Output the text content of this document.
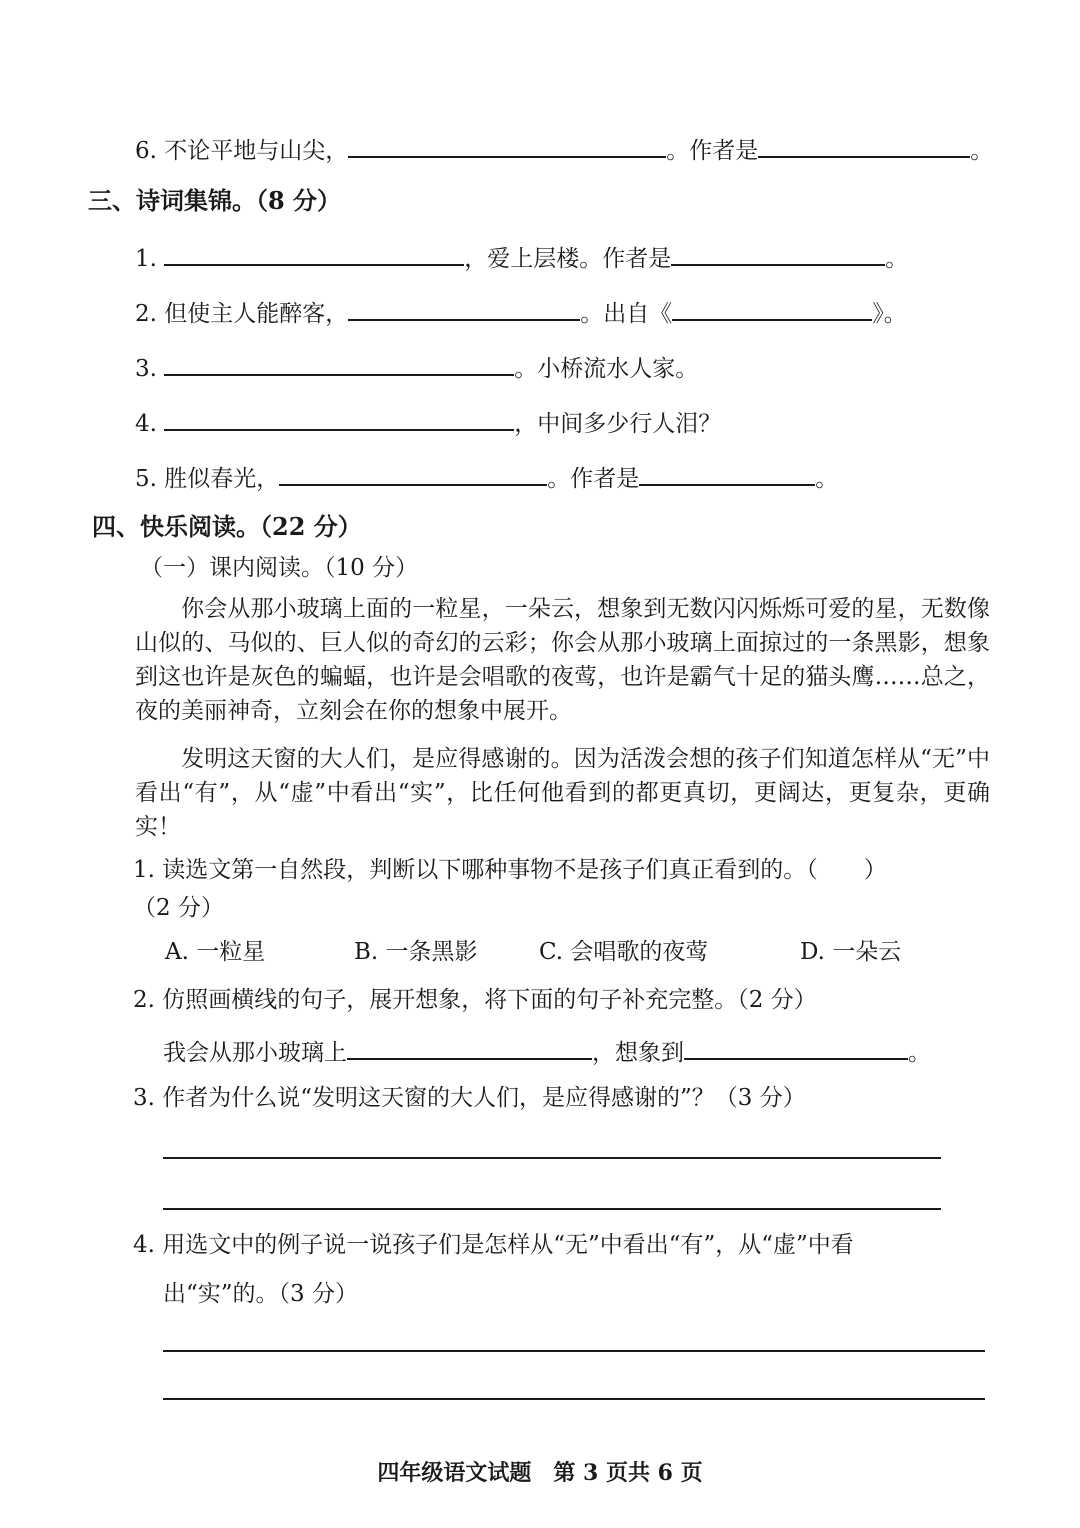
6. 不论平地与山尖，	。作者是	。
三、诗词集锦。（8 分）
1.	，爱上层楼。作者是	。
2. 但使主人能醉客，	。出自《	》。
3.	。小桥流水人家。
4.	，中间多少行人泪？
5. 胜似春光，	。作者是	。
四、快乐阅读。（22 分）
（一）课内阅读。（10 分）
你会从那小玻璃上面的一粒星，一朵云，想象到无数闪闪烁烁可爱的星，无数像山似的、马似的、巨人似的奇幻的云彩；你会从那小玻璃上面掠过的一条黑影，想象到这也许是灰色的蝙蝠，也许是会唱歌的夜莺，也许是霸气十足的猫头鹰……总之，夜的美丽神奇，立刻会在你的想象中展开。
发明这天窗的大人们，是应得感谢的。因为活泼会想的孩子们知道怎样从“无”中看出“有”，从“虚”中看出“实”，比任何他看到的都更真切，更阔达，更复杂，更确实！
1. 读选文第一自然段，判断以下哪种事物不是孩子们真正看到的。（　　）
（2 分）
A. 一粒星	B. 一条黑影	C. 会唱歌的夜莺	D. 一朵云
2. 仿照画横线的句子，展开想象，将下面的句子补充完整。（2 分）
我会从那小玻璃上	，想象到	。
3. 作者为什么说“发明这天窗的大人们，是应得感谢的”？（3 分）
4. 用选文中的例子说一说孩子们是怎样从“无”中看出“有”，从“虚”中看
出“实”的。（3 分）
四年级语文试题　第 3 页共 6 页
